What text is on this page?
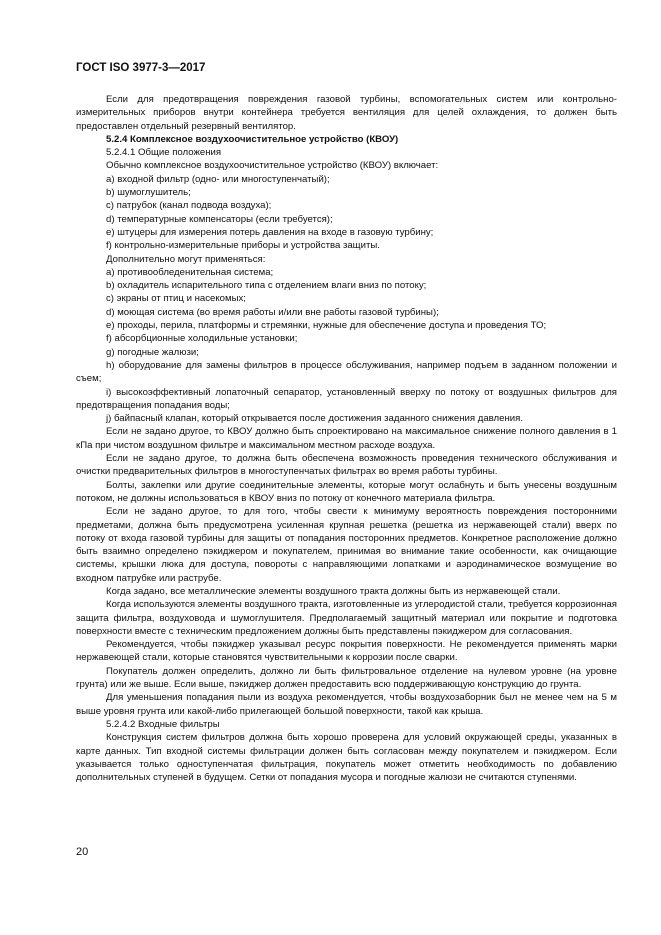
ГОСТ ISO 3977-3—2017

Если для предотвращения повреждения газовой турбины, вспомогательных систем или контрольно-измерительных приборов внутри контейнера требуется вентиляция для целей охлаждения, то должен быть предоставлен отдельный резервный вентилятор.

5.2.4 Комплексное воздухоочистительное устройство (КВОУ)

5.2.4.1 Общие положения

Обычно комплексное воздухоочистительное устройство (КВОУ) включает:

а) входной фильтр (одно- или многоступенчатый);

b) шумоглушитель;

с) патрубок (канал подвода воздуха);

d) температурные компенсаторы (если требуется);

е) штуцеры для измерения потерь давления на входе в газовую турбину;

f) контрольно-измерительные приборы и устройства защиты.

Дополнительно могут применяться:

а) противообледенительная система;

b) охладитель испарительного типа с отделением влаги вниз по потоку;

с) экраны от птиц и насекомых;

d) моющая система (во время работы и/или вне работы газовой турбины);

е) проходы, перила, платформы и стремянки, нужные для обеспечение доступа и проведения ТО;

f) абсорбционные холодильные установки;

g) погодные жалюзи;

h) оборудование для замены фильтров в процессе обслуживания, например подъем в заданном положении и съем;

i) высокоэффективный лопаточный сепаратор, установленный вверху по потоку от воздушных фильтров для предотвращения попадания воды;

j) байпасный клапан, который открывается после достижения заданного снижения давления.

Если не задано другое, то КВОУ должно быть спроектировано на максимальное снижение полного давления в 1 кПа при чистом воздушном фильтре и максимальном местном расходе воздуха.

Если не задано другое, то должна быть обеспечена возможность проведения технического обслуживания и очистки предварительных фильтров в многоступенчатых фильтрах во время работы турбины.

Болты, заклепки или другие соединительные элементы, которые могут ослабнуть и быть унесены воздушным потоком, не должны использоваться в КВОУ вниз по потоку от конечного материала фильтра.

Если не задано другое, то для того, чтобы свести к минимуму вероятность повреждения посторонними предметами, должна быть предусмотрена усиленная крупная решетка (решетка из нержавеющей стали) вверх по потоку от входа газовой турбины для защиты от попадания посторонних предметов. Конкретное расположение должно быть взаимно определено пэкиджером и покупателем, принимая во внимание такие особенности, как очищающие системы, крышки люка для доступа, повороты с направляющими лопатками и аэродинамическое возмущение во входном патрубке или раструбе.

Когда задано, все металлические элементы воздушного тракта должны быть из нержавеющей стали.

Когда используются элементы воздушного тракта, изготовленные из углеродистой стали, требуется коррозионная защита фильтра, воздуховода и шумоглушителя. Предполагаемый защитный материал или покрытие и подготовка поверхности вместе с техническим предложением должны быть представлены пэкиджером для согласования.

Рекомендуется, чтобы пэкиджер указывал ресурс покрытия поверхности. Не рекомендуется применять марки нержавеющей стали, которые становятся чувствительными к коррозии после сварки.

Покупатель должен определить, должно ли быть фильтровальное отделение на нулевом уровне (на уровне грунта) или же выше. Если выше, пэкиджер должен предоставить всю поддерживающую конструкцию до грунта.

Для уменьшения попадания пыли из воздуха рекомендуется, чтобы воздухозаборник был не менее чем на 5 м выше уровня грунта или какой-либо прилегающей большой поверхности, такой как крыша.

5.2.4.2 Входные фильтры

Конструкция систем фильтров должна быть хорошо проверена для условий окружающей среды, указанных в карте данных. Тип входной системы фильтрации должен быть согласован между покупателем и пэкиджером. Если указывается только одноступенчатая фильтрация, покупатель может отметить необходимость по добавлению дополнительных ступеней в будущем. Сетки от попадания мусора и погодные жалюзи не считаются ступенями.

20
